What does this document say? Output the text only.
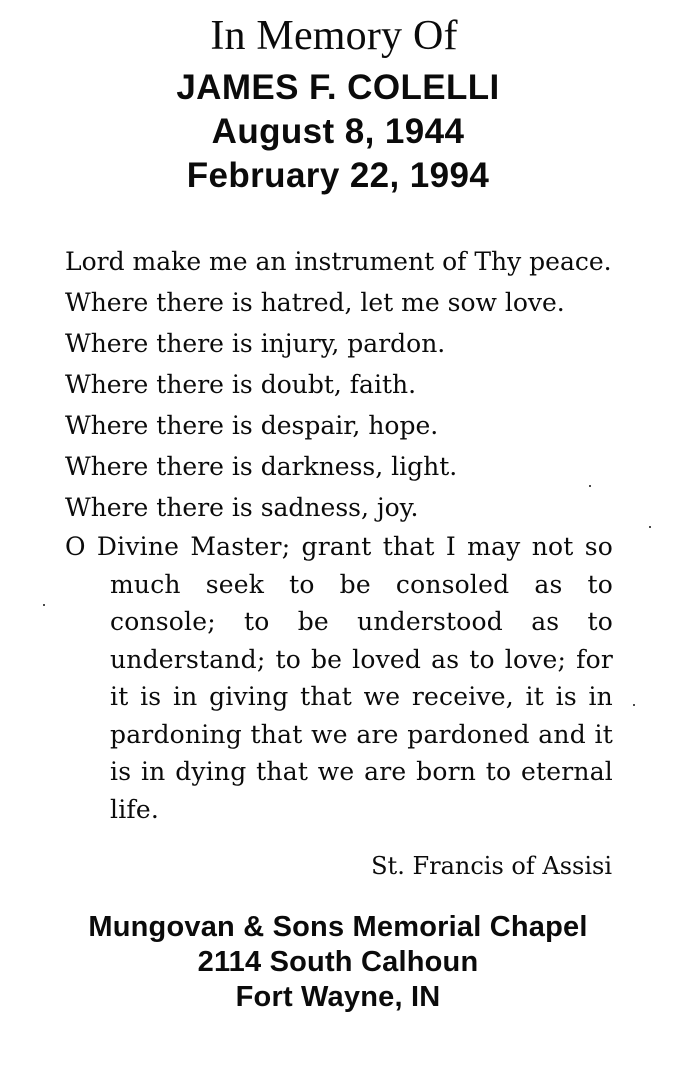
In Memory Of
JAMES F. COLELLI
August 8, 1944
February 22, 1994
Lord make me an instrument of Thy peace.
Where there is hatred, let me sow love.
Where there is injury, pardon.
Where there is doubt, faith.
Where there is despair, hope.
Where there is darkness, light.
Where there is sadness, joy.
O Divine Master; grant that I may not so much seek to be consoled as to console; to be understood as to understand; to be loved as to love; for it is in giving that we receive, it is in pardoning that we are pardoned and it is in dying that we are born to eternal life.
St. Francis of Assisi
Mungovan & Sons Memorial Chapel
2114 South Calhoun
Fort Wayne, IN
